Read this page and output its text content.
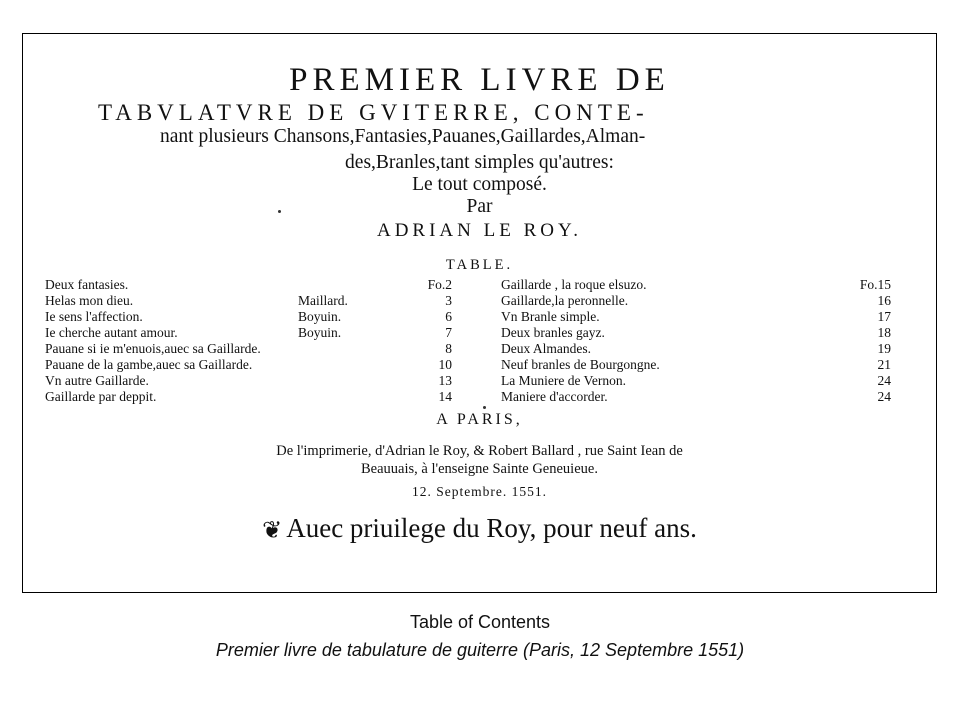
PREMIER LIVRE DE
TABVLATVRE DE GVITERRE, CONTE-
nant plusieurs Chansons,Fantasies,Pauanes,Gaillardes,Alman-
des,Branles,tant simples qu'autres:
Le tout composé.
Par
ADRIAN LE ROY.
TABLE.
Deux fantasies.	Fo.2
Helas mon dieu.	Maillard.	3
Ie sens l'affection.	Boyuin.	6
Ie cherche autant amour.	Boyuin.	7
Pauane si ie m'enuois,auec sa Gaillarde.	8
Pauane de la gambe,auec sa Gaillarde.	10
Vn autre Gaillarde.	13
Gaillarde par deppit.	14
Gaillarde , la roque elsuzo.	Fo.15
Gaillarde,la peronnelle.	16
Vn Branle simple.	17
Deux branles gayz.	18
Deux Almandes.	19
Neuf branles de Bourgongne.	21
La Muniere de Vernon.	24
Maniere d'accorder.	24
A PARIS,
De l'imprimerie, d'Adrian le Roy, & Robert Ballard , rue Saint Iean de
Beauuais, à l'enseigne Sainte Geneuieue.
12. Septembre. 1551.
❦ Auec priuilege du Roy, pour neuf ans.
Table of Contents
Premier livre de tabulature de guiterre (Paris, 12 Septembre 1551)
